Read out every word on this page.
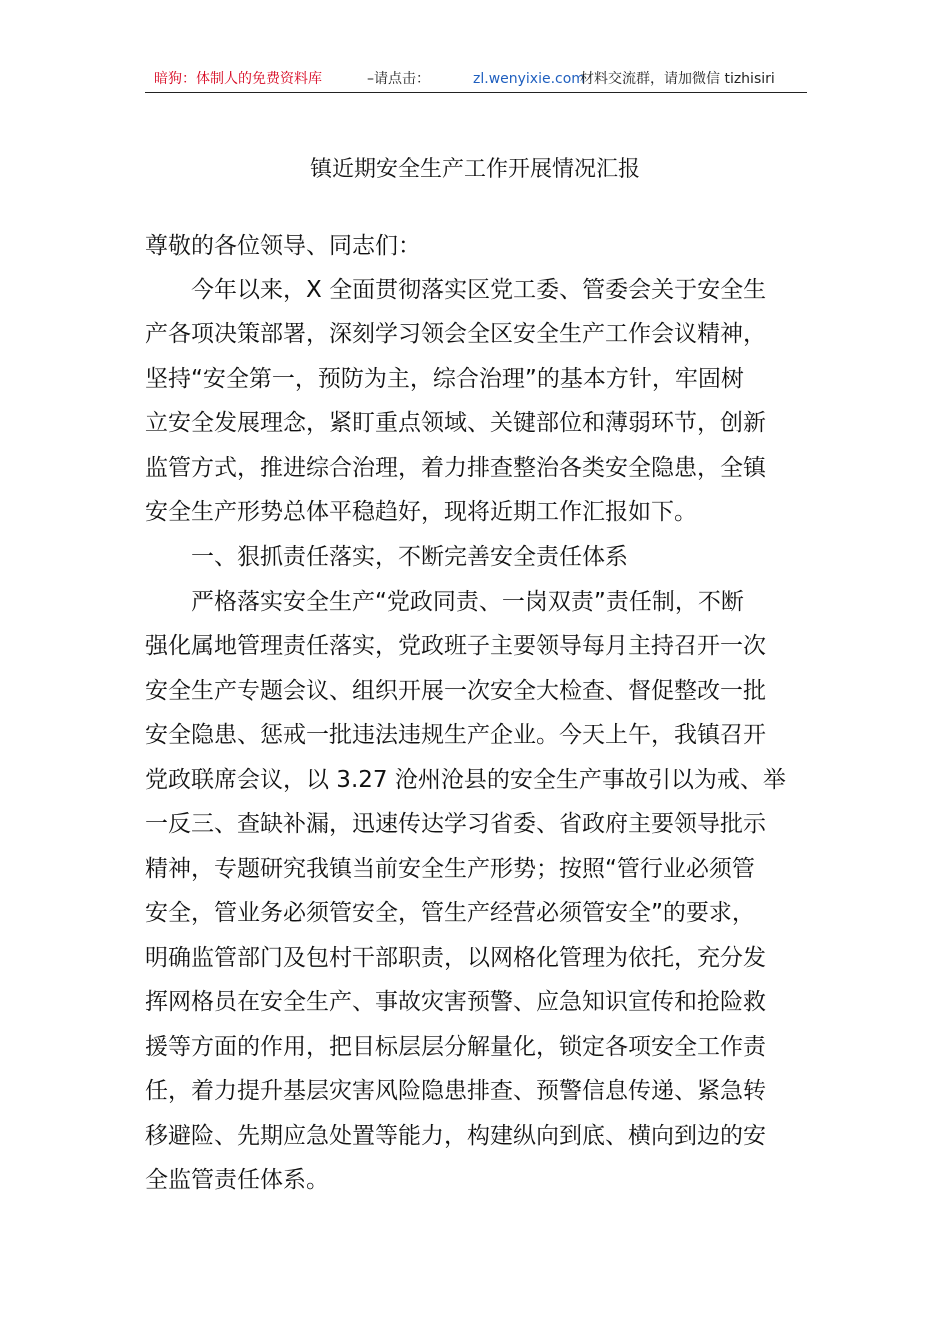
暗狗：体制人的免费资料库	–请点击：	zl.wenyixie.com
材料交流群，请加微信 tizhisiri
镇近期安全生产工作开展情况汇报
尊敬的各位领导、同志们：
今年以来，X 全面贯彻落实区党工委、管委会关于安全生
产各项决策部署，深刻学习领会全区安全生产工作会议精神，
坚持“安全第一，预防为主，综合治理”的基本方针，牢固树
立安全发展理念，紧盯重点领域、关键部位和薄弱环节，创新
监管方式，推进综合治理，着力排查整治各类安全隐患，全镇
安全生产形势总体平稳趋好，现将近期工作汇报如下。
一、狠抓责任落实，不断完善安全责任体系
严格落实安全生产“党政同责、一岗双责”责任制，不断
强化属地管理责任落实，党政班子主要领导每月主持召开一次
安全生产专题会议、组织开展一次安全大检查、督促整改一批
安全隐患、惩戒一批违法违规生产企业。今天上午，我镇召开
党政联席会议，以 3.27 沧州沧县的安全生产事故引以为戒、举
一反三、查缺补漏，迅速传达学习省委、省政府主要领导批示
精神，专题研究我镇当前安全生产形势；按照“管行业必须管
安全，管业务必须管安全，管生产经营必须管安全”的要求，
明确监管部门及包村干部职责，以网格化管理为依托，充分发
挥网格员在安全生产、事故灾害预警、应急知识宣传和抢险救
援等方面的作用，把目标层层分解量化，锁定各项安全工作责
任，着力提升基层灾害风险隐患排查、预警信息传递、紧急转
移避险、先期应急处置等能力，构建纵向到底、横向到边的安
全监管责任体系。
